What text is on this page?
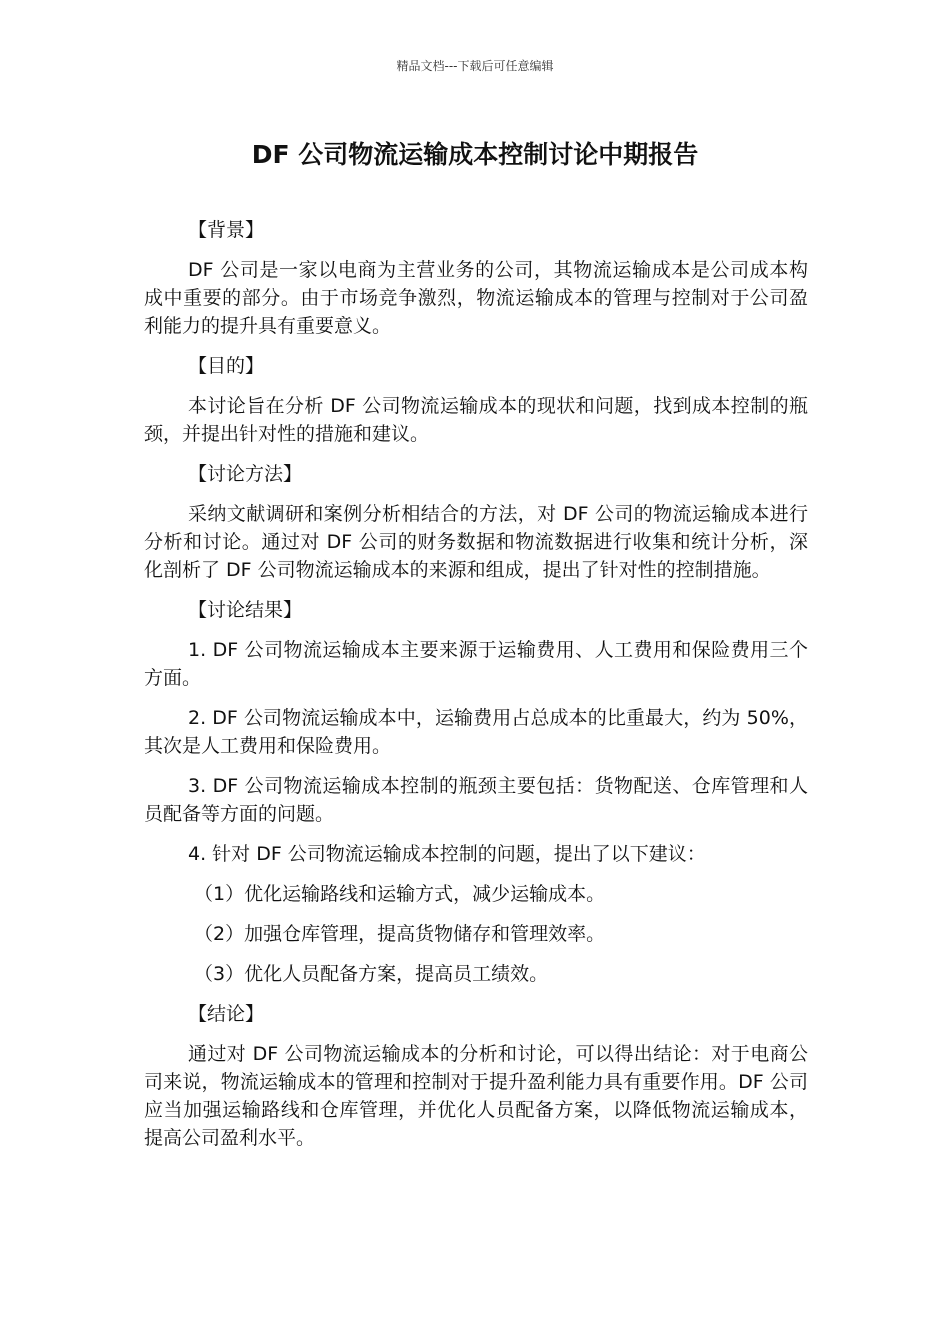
精品文档---下载后可任意编辑
DF 公司物流运输成本控制讨论中期报告

【背景】

DF 公司是一家以电商为主营业务的公司，其物流运输成本是公司成本构成中重要的部分。由于市场竞争激烈，物流运输成本的管理与控制对于公司盈利能力的提升具有重要意义。

【目的】

本讨论旨在分析 DF 公司物流运输成本的现状和问题，找到成本控制的瓶颈，并提出针对性的措施和建议。

【讨论方法】

采纳文献调研和案例分析相结合的方法，对 DF 公司的物流运输成本进行分析和讨论。通过对 DF 公司的财务数据和物流数据进行收集和统计分析，深化剖析了 DF 公司物流运输成本的来源和组成，提出了针对性的控制措施。

【讨论结果】

1. DF 公司物流运输成本主要来源于运输费用、人工费用和保险费用三个方面。

2. DF 公司物流运输成本中，运输费用占总成本的比重最大，约为 50%，其次是人工费用和保险费用。

3. DF 公司物流运输成本控制的瓶颈主要包括：货物配送、仓库管理和人员配备等方面的问题。

4. 针对 DF 公司物流运输成本控制的问题，提出了以下建议：

（1）优化运输路线和运输方式，减少运输成本。

（2）加强仓库管理，提高货物储存和管理效率。

（3）优化人员配备方案，提高员工绩效。

【结论】

通过对 DF 公司物流运输成本的分析和讨论，可以得出结论：对于电商公司来说，物流运输成本的管理和控制对于提升盈利能力具有重要作用。DF 公司应当加强运输路线和仓库管理，并优化人员配备方案，以降低物流运输成本，提高公司盈利水平。
